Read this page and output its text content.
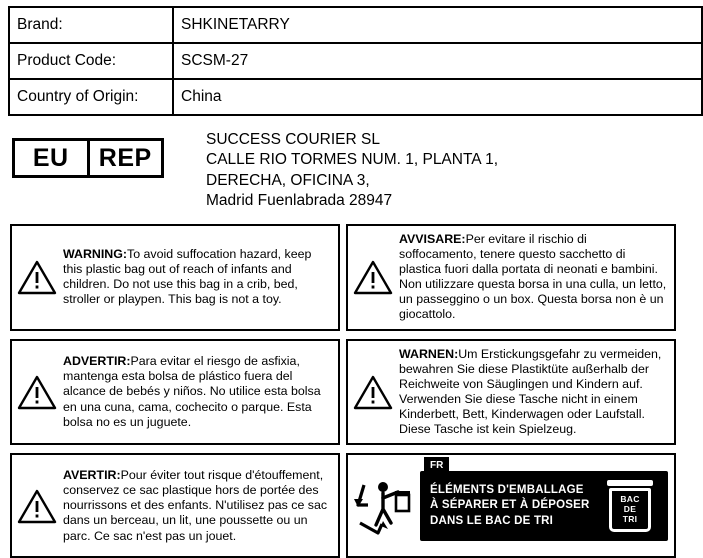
Brand:	SHKINETARRY
Product Code:	SCSM-27
Country of Origin:	China
EU	REP
SUCCESS COURIER SL
CALLE RIO TORMES NUM. 1, PLANTA 1,
DERECHA, OFICINA 3,
Madrid Fuenlabrada 28947
WARNING:To avoid suffocation hazard, keep this plastic bag out of reach of infants and children. Do not use this bag in a crib, bed, stroller or playpen. This bag is not a toy.
AVVISARE:Per evitare il rischio di soffocamento, tenere questo sacchetto di plastica fuori dalla portata di neonati e bambini. Non utilizzare questa borsa in una culla, un letto, un passeggino o un box. Questa borsa non è un giocattolo.
ADVERTIR:Para evitar el riesgo de asfixia, mantenga esta bolsa de plástico fuera del alcance de bebés y niños. No utilice esta bolsa en una cuna, cama, cochecito o parque. Esta bolsa no es un juguete.
WARNEN:Um Erstickungsgefahr zu vermeiden, bewahren Sie diese Plastiktüte außerhalb der Reichweite von Säuglingen und Kindern auf. Verwenden Sie diese Tasche nicht in einem Kinderbett, Bett, Kinderwagen oder Laufstall. Diese Tasche ist kein Spielzeug.
AVERTIR:Pour éviter tout risque d'étouffement, conservez ce sac plastique hors de portée des nourrissons et des enfants. N'utilisez pas ce sac dans un berceau, un lit, une poussette ou un parc. Ce sac n'est pas un jouet.
FR
ÉLÉMENTS D'EMBALLAGE
À SÉPARER ET À DÉPOSER
DANS LE BAC DE TRI
BAC
DE
TRI
